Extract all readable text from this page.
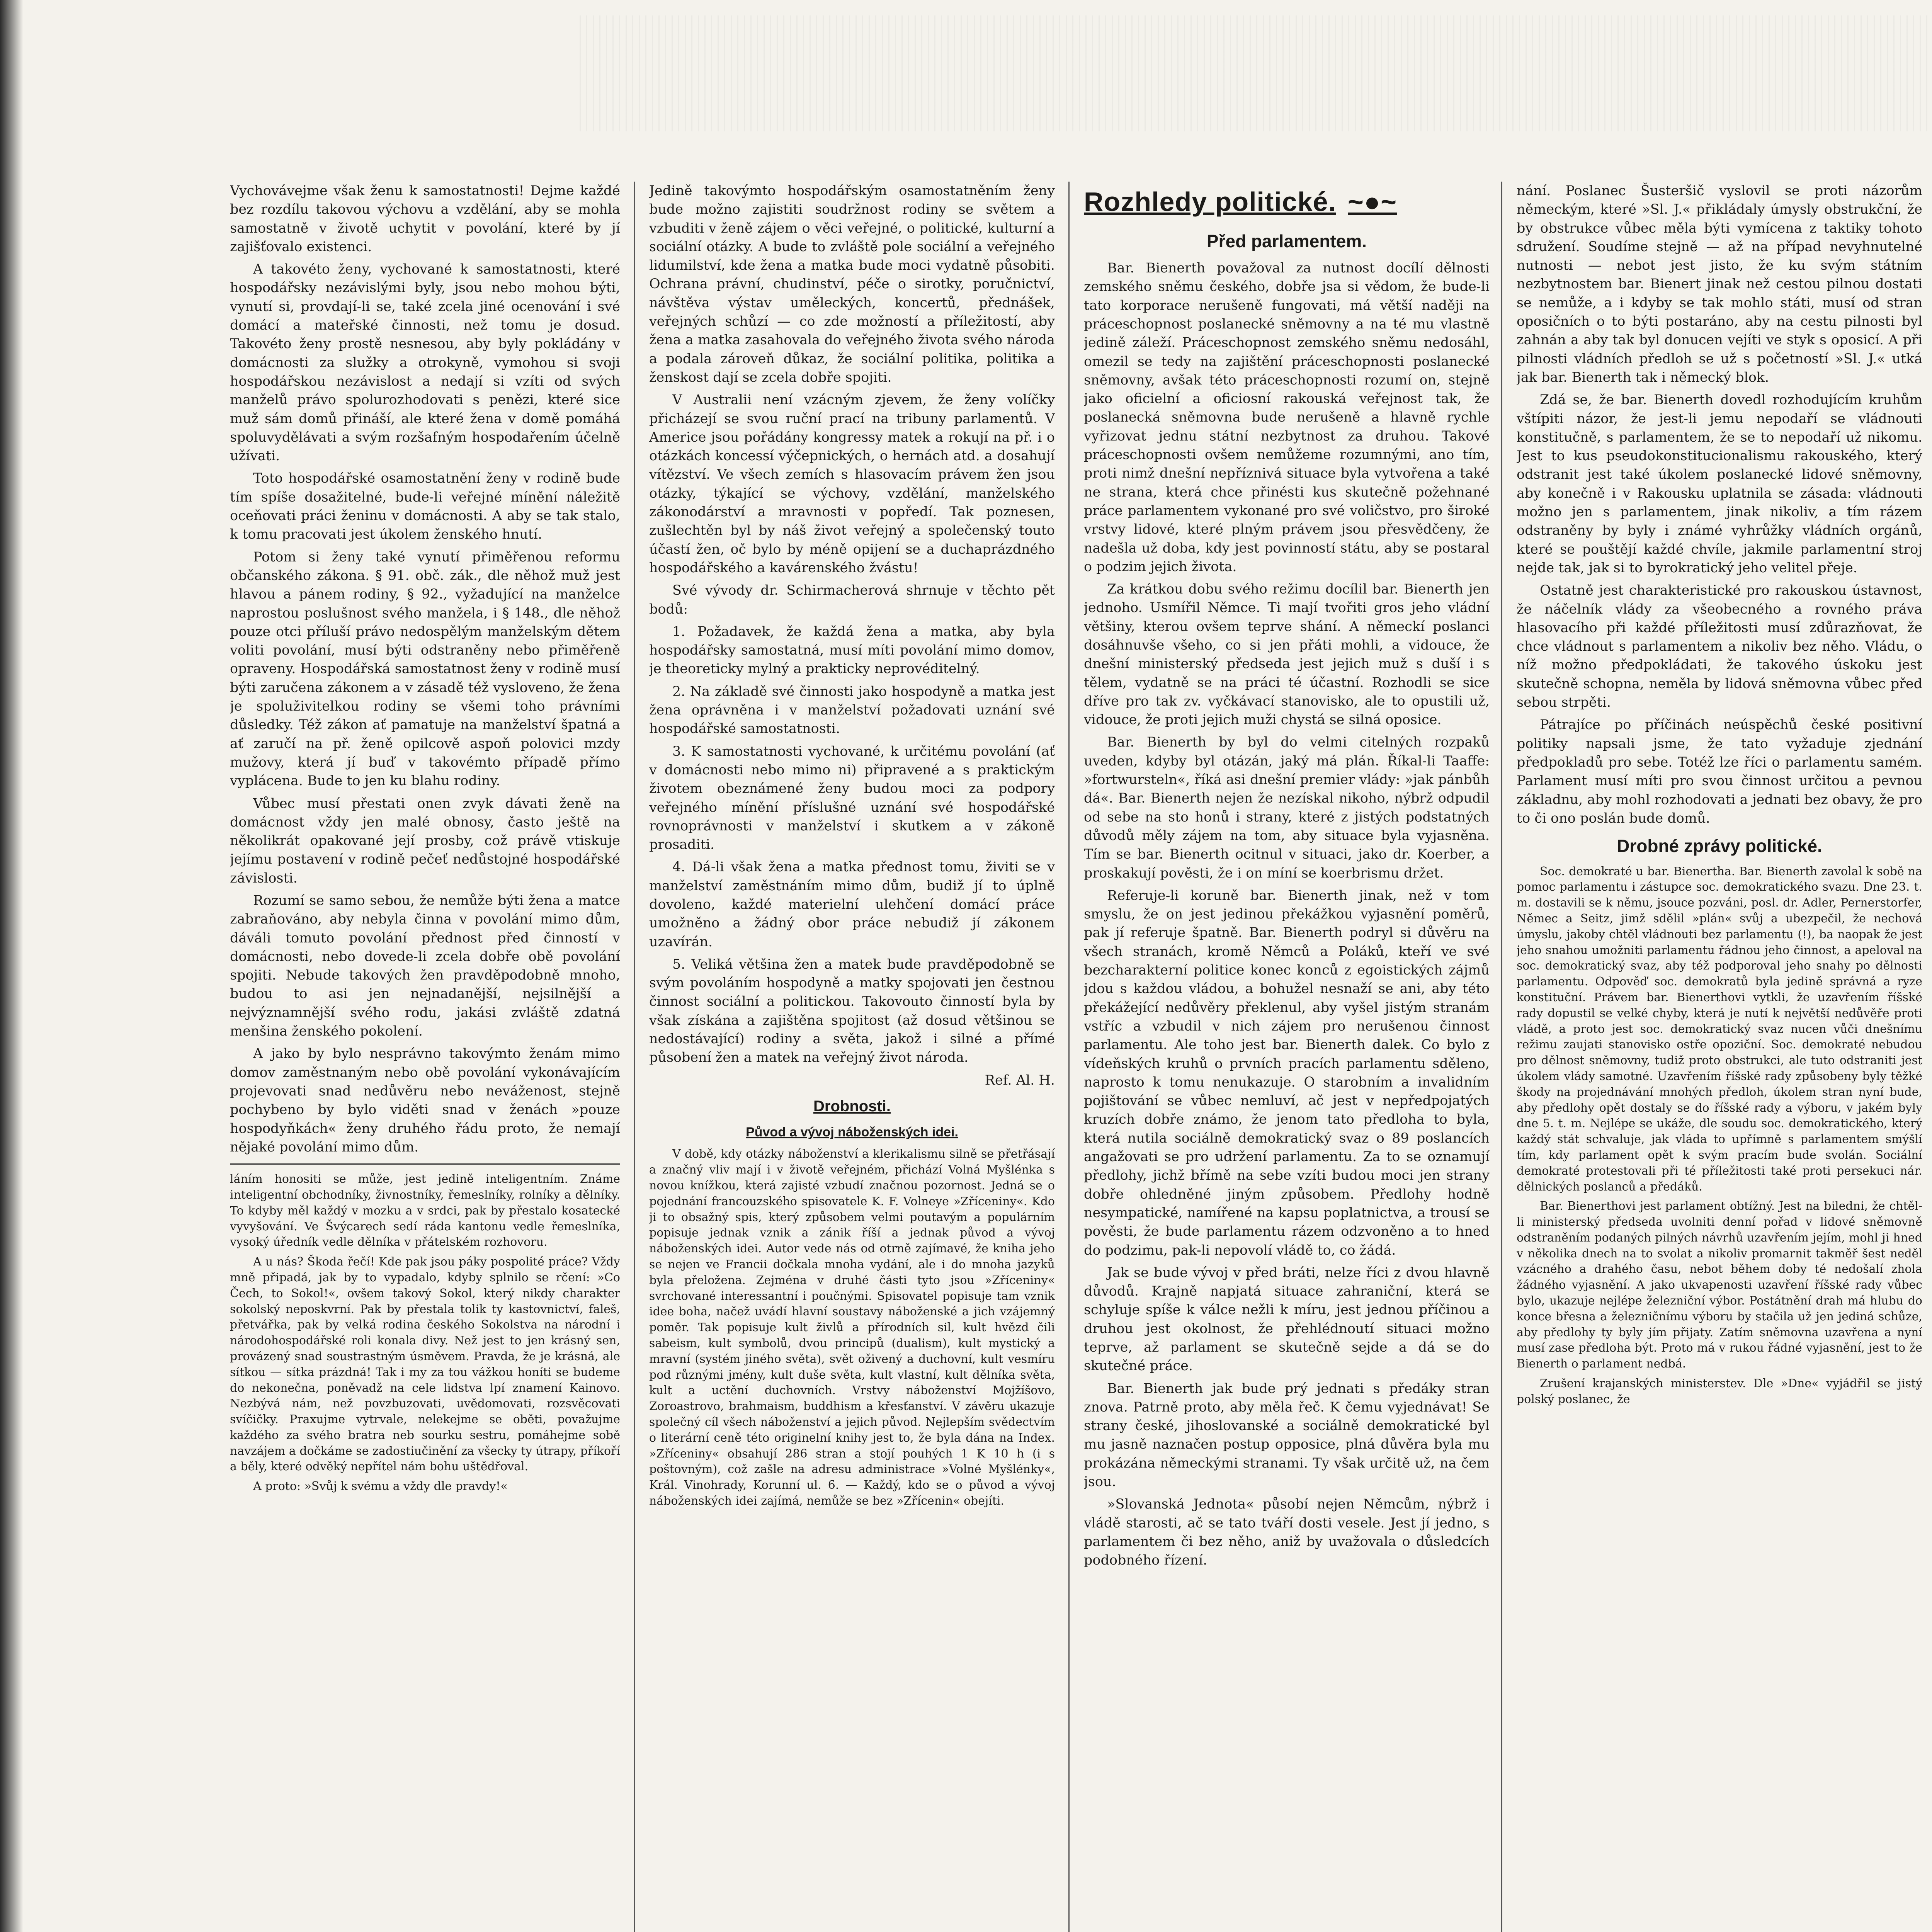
Vychovávejme však ženu k samostatnosti! Dejme každé bez rozdílu takovou výchovu a vzdělání, aby se mohla samostatně v životě uchytit v povolání, které by jí zajišťovalo existenci.

A takovéto ženy, vychované k samostatnosti, které hospodářsky nezávislými byly, jsou nebo mohou býti, vynutí si, provdají-li se, také zcela jiné ocenování i své domácí a mateřské činnosti, než tomu je dosud. Takovéto ženy prostě nesnesou, aby byly pokládány v domácnosti za služky a otrokyně, vymohou si svoji hospodářskou nezávislost a nedají si vzíti od svých manželů právo spolurozhodovati s penězi, které sice muž sám domů přináší, ale které žena v domě pomáhá spoluvydělávati a svým rozšafným hospodařením účelně užívati.

Toto hospodářské osamostatnění ženy v rodině bude tím spíše dosažitelné, bude-li veřejné mínění náležitě oceňovati práci ženinu v domácnosti. A aby se tak stalo, k tomu pracovati jest úkolem ženského hnutí.

Potom si ženy také vynutí přiměřenou reformu občanského zákona. § 91. obč. zák., dle něhož muž jest hlavou a pánem rodiny, § 92., vyžadující na manželce naprostou poslušnost svého manžela, i § 148., dle něhož pouze otci příluší právo nedospělým manželským dětem voliti povolání, musí býti odstraněny nebo přiměřeně opraveny. Hospodářská samostatnost ženy v rodině musí býti zaručena zákonem a v zásadě též vysloveno, že žena je spoluživitelkou rodiny se všemi toho právními důsledky. Též zákon ať pamatuje na manželství špatná a ať zaručí na př. ženě opilcově aspoň polovici mzdy mužovy, která jí buď v takovémto případě přímo vyplácena. Bude to jen ku blahu rodiny.

Vůbec musí přestati onen zvyk dávati ženě na domácnost vždy jen malé obnosy, často ještě na několikrát opakované její prosby, což právě vtiskuje jejímu postavení v rodině pečeť nedůstojné hospodářské závislosti.

Rozumí se samo sebou, že nemůže býti žena a matce zabraňováno, aby nebyla činna v povolání mimo dům, dáváli tomuto povolání přednost před činností v domácnosti, nebo dovede-li zcela dobře obě povolání spojiti. Nebude takových žen pravděpodobně mnoho, budou to asi jen nejnadanější, nejsilnější a nejvýznamnější svého rodu, jakási zvláště zdatná menšina ženského pokolení.

A jako by bylo nesprávno takovýmto ženám mimo domov zaměstnaným nebo obě povolání vykonávajícím projevovati snad nedůvěru nebo neváženost, stejně pochybeno by bylo viděti snad v ženách »pouze hospodyňkách« ženy druhého řádu proto, že nemají nějaké povolání mimo dům.

láním honositi se může, jest jedině inteligentním. Známe inteligentní obchodníky, živnostníky, řemeslníky, rolníky a dělníky. To kdyby měl každý v mozku a v srdci, pak by přestalo kosatecké vyvyšování. Ve Švýcarech sedí ráda kantonu vedle řemeslníka, vysoký úředník vedle dělníka v přátelském rozhovoru.

A u nás? Škoda řečí! Kde pak jsou páky pospolité práce? Vždy mně připadá, jak by to vypadalo, kdyby splnilo se rčení: »Co Čech, to Sokol!«, ovšem takový Sokol, který nikdy charakter sokolský neposkvrní. Pak by přestala tolik ty kastovnictví, faleš, přetvářka, pak by velká rodina českého Sokolstva na národní i národohospodářské roli konala divy. Než jest to jen krásný sen, provázený snad soustrastným úsměvem. Pravda, že je krásná, ale sítkou — sítka prázdná! Tak i my za tou vážkou honíti se budeme do nekonečna, poněvadž na cele lidstva lpí znamení Kainovo. Nezbývá nám, než povzbuzovati, uvědomovati, rozsvěcovati svíčičky. Praxujme vytrvale, nelekejme se oběti, považujme každého za svého bratra neb sourku sestru, pomáhejme sobě navzájem a dočkáme se zadostiučinění za všecky ty útrapy, příkoří a běly, které odvěký nepřítel nám bohu uštědřoval.

A proto: »Svůj k svému a vždy dle pravdy!«

Jedině takovýmto hospodářským osamostatněním ženy bude možno zajistiti soudržnost rodiny se světem a vzbuditi v ženě zájem o věci veřejné, o politické, kulturní a sociální otázky. A bude to zvláště pole sociální a veřejného lidumilství, kde žena a matka bude moci vydatně působiti. Ochrana právní, chudinství, péče o sirotky, poručnictví, návštěva výstav uměleckých, koncertů, přednášek, veřejných schůzí — co zde možností a příležitostí, aby žena a matka zasahovala do veřejného života svého národa a podala zároveň důkaz, že sociální politika, politika a ženskost dají se zcela dobře spojiti.

V Australii není vzácným zjevem, že ženy volíčky přicházejí se svou ruční prací na tribuny parlamentů. V Americe jsou pořádány kongressy matek a rokují na př. i o otázkách koncessí výčepnických, o hernách atd. a dosahují vítězství. Ve všech zemích s hlasovacím právem žen jsou otázky, týkající se výchovy, vzdělání, manželského zákonodárství a mravnosti v popředí. Tak poznesen, zušlechtěn byl by náš život veřejný a společenský touto účastí žen, oč bylo by méně opijení se a duchaprázdného hospodářského a kavárenského žvástu!

Své vývody dr. Schirmacherová shrnuje v těchto pět bodů:

1. Požadavek, že každá žena a matka, aby byla hospodářsky samostatná, musí míti povolání mimo domov, je theoreticky mylný a prakticky neprovéditelný.

2. Na základě své činnosti jako hospodyně a matka jest žena oprávněna i v manželství požadovati uznání své hospodářské samostatnosti.

3. K samostatnosti vychované, k určitému povolání (ať v domácnosti nebo mimo ni) připravené a s praktickým životem obeznámené ženy budou moci za podpory veřejného mínění příslušné uznání své hospodářské rovnoprávnosti v manželství i skutkem a v zákoně prosaditi.

4. Dá-li však žena a matka přednost tomu, živiti se v manželství zaměstnáním mimo dům, budiž jí to úplně dovoleno, každé materielní ulehčení domácí práce umožněno a žádný obor práce nebudiž jí zákonem uzavírán.

5. Veliká většina žen a matek bude pravděpodobně se svým povoláním hospodyně a matky spojovati jen čestnou činnost sociální a politickou. Takovouto činností byla by však získána a zajištěna spojitost (až dosud většinou se nedostávající) rodiny a světa, jakož i silné a přímé působení žen a matek na veřejný život národa.

Ref. Al. H.
Drobnosti.
Původ a vývoj náboženských idei.

V době, kdy otázky náboženství a klerikalismu silně se přetřásají a značný vliv mají i v životě veřejném, přichází Volná Myšlénka s novou knížkou, která zajisté vzbudí značnou pozornost. Jedná se o pojednání francouzského spisovatele K. F. Volneye »Zříceniny«. Kdo ji to obsažný spis, který způsobem velmi poutavým a populárním popisuje jednak vznik a zánik říší a jednak původ a vývoj náboženských idei. Autor vede nás od otrně zajímavé, že kniha jeho se nejen ve Francii dočkala mnoha vydání, ale i do mnoha jazyků byla přeložena. Zejména v druhé části tyto jsou »Zříceniny« svrchované interessantní i poučnými. Spisovatel popisuje tam vznik idee boha, načež uvádí hlavní soustavy náboženské a jich vzájemný poměr. Tak popisuje kult živlů a přírodních sil, kult hvězd čili sabeism, kult symbolů, dvou principů (dualism), kult mystický a mravní (systém jiného světa), svět oživený a duchovní, kult vesmíru pod různými jmény, kult duše světa, kult vlastní, kult dělníka světa, kult a uctění duchovních. Vrstvy náboženství Mojžíšovo, Zoroastrovo, brahmaism, buddhism a křesťanství. V závěru ukazuje společný cíl všech náboženství a jejich původ. Nejlepším svědectvím o literární ceně této originelní knihy jest to, že byla dána na Index. »Zříceniny« obsahují 286 stran a stojí pouhých 1 K 10 h (i s poštovným), což zašle na adresu administrace »Volné Myšlénky«, Král. Vinohrady, Korunní ul. 6. — Každý, kdo se o původ a vývoj náboženských idei zajímá, nemůže se bez »Zřícenin« obejíti.

Rozhledy politické. ~●~
Před parlamentem.

Bar. Bienerth považoval za nutnost docílí dělnosti zemského sněmu českého, dobře jsa si vědom, že bude-li tato korporace nerušeně fungovati, má větší naději na práceschopnost poslanecké sněmovny a na té mu vlastně jedině záleží. Práceschopnost zemského sněmu nedosáhl, omezil se tedy na zajištění práceschopnosti poslanecké sněmovny, avšak této práceschopnosti rozumí on, stejně jako oficielní a oficiosní rakouská veřejnost tak, že poslanecká sněmovna bude nerušeně a hlavně rychle vyřizovat jednu státní nezbytnost za druhou. Takové práceschopnosti ovšem nemůžeme rozumnými, ano tím, proti nimž dnešní nepříznivá situace byla vytvořena a také ne strana, která chce přinésti kus skutečně požehnané práce parlamentem vykonané pro své voličstvo, pro široké vrstvy lidové, které plným právem jsou přesvědčeny, že nadešla už doba, kdy jest povinností státu, aby se postaral o podzim jejich života.

Za krátkou dobu svého režimu docílil bar. Bienerth jen jednoho. Usmířil Němce. Ti mají tvořiti gros jeho vládní většiny, kterou ovšem teprve shání. A německí poslanci dosáhnuvše všeho, co si jen přáti mohli, a vidouce, že dnešní ministerský předseda jest jejich muž s duší i s tělem, vydatně se na práci té účastní. Rozhodli se sice dříve pro tak zv. vyčkávací stanovisko, ale to opustili už, vidouce, že proti jejich muži chystá se silná oposice.

Bar. Bienerth by byl do velmi citelných rozpaků uveden, kdyby byl otázán, jaký má plán. Říkal-li Taaffe: »fortwursteln«, říká asi dnešní premier vlády: »jak pánbůh dá«. Bar. Bienerth nejen že nezískal nikoho, nýbrž odpudil od sebe na sto honů i strany, které z jistých podstatných důvodů měly zájem na tom, aby situace byla vyjasněna. Tím se bar. Bienerth ocitnul v situaci, jako dr. Koerber, a proskakují pověsti, že i on míní se koerbrismu držet.

Referuje-li koruně bar. Bienerth jinak, než v tom smyslu, že on jest jedinou překážkou vyjasnění poměrů, pak jí referuje špatně. Bar. Bienerth podryl si důvěru na všech stranách, kromě Němců a Poláků, kteří ve své bezcharakterní politice konec konců z egoistických zájmů jdou s každou vládou, a bohužel nesnaží se ani, aby této překážející nedůvěry překlenul, aby vyšel jistým stranám vstříc a vzbudil v nich zájem pro nerušenou činnost parlamentu. Ale toho jest bar. Bienerth dalek. Co bylo z vídeňských kruhů o prvních pracích parlamentu sděleno, naprosto k tomu nenukazuje. O starobním a invalidním pojištování se vůbec nemluví, ač jest v nepředpojatých kruzích dobře známo, že jenom tato předloha to byla, která nutila sociálně demokratický svaz o 89 poslancích angažovati se pro udržení parlamentu. Za to se oznamují předlohy, jichž břímě na sebe vzíti budou moci jen strany dobře ohledněné jiným způsobem. Předlohy hodně nesympatické, namířené na kapsu poplatnictva, a trousí se pověsti, že bude parlamentu rázem odzvoněno a to hned do podzimu, pak-li nepovolí vládě to, co žádá.

Jak se bude vývoj v před bráti, nelze říci z dvou hlavně důvodů. Krajně napjatá situace zahraniční, která se schyluje spíše k válce nežli k míru, jest jednou příčinou a druhou jest okolnost, že přehlédnoutí situaci možno teprve, až parlament se skutečně sejde a dá se do skutečné práce.

Bar. Bienerth jak bude prý jednati s předáky stran znova. Patrně proto, aby měla řeč. K čemu vyjednávat! Se strany české, jihoslovanské a sociálně demokratické byl mu jasně naznačen postup opposice, plná důvěra byla mu prokázána německými stranami. Ty však určitě už, na čem jsou.

»Slovanská Jednota« působí nejen Němcům, nýbrž i vládě starosti, ač se tato tváří dosti vesele. Jest jí jedno, s parlamentem či bez něho, aniž by uvažovala o důsledcích podobného řízení.

nání. Poslanec Šusteršič vyslovil se proti názorům německým, které »Sl. J.« přikládaly úmysly obstrukční, že by obstrukce vůbec měla býti vymícena z taktiky tohoto sdružení. Soudíme stejně — až na případ nevyhnutelné nutnosti — nebot jest jisto, že ku svým státním nezbytnostem bar. Bienert jinak než cestou pilnou dostati se nemůže, a i kdyby se tak mohlo státi, musí od stran oposičních o to býti postaráno, aby na cestu pilnosti byl zahnán a aby tak byl donucen vejíti ve styk s oposicí. A při pilnosti vládních předloh se už s početností »Sl. J.« utká jak bar. Bienerth tak i německý blok.

Zdá se, že bar. Bienerth dovedl rozhodujícím kruhům vštípiti názor, že jest-li jemu nepodaří se vládnouti konstitučně, s parlamentem, že se to nepodaří už nikomu. Jest to kus pseudokonstitucionalismu rakouského, který odstranit jest také úkolem poslanecké lidové sněmovny, aby konečně i v Rakousku uplatnila se zásada: vládnouti možno jen s parlamentem, jinak nikoliv, a tím rázem odstraněny by byly i známé vyhrůžky vládních orgánů, které se pouštějí každé chvíle, jakmile parlamentní stroj nejde tak, jak si to byrokratický jeho velitel přeje.

Ostatně jest charakteristické pro rakouskou ústavnost, že náčelník vlády za všeobecného a rovného práva hlasovacího při každé příležitosti musí zdůrazňovat, že chce vládnout s parlamentem a nikoliv bez něho. Vládu, o níž možno předpokládati, že takového úskoku jest skutečně schopna, neměla by lidová sněmovna vůbec před sebou strpěti.

Pátrajíce po příčinách neúspěchů české positivní politiky napsali jsme, že tato vyžaduje zjednání předpokladů pro sebe. Totéž lze říci o parlamentu samém. Parlament musí míti pro svou činnost určitou a pevnou základnu, aby mohl rozhodovati a jednati bez obavy, že pro to či ono poslán bude domů.

Drobné zprávy politické.

Soc. demokraté u bar. Bienertha. Bar. Bienerth zavolal k sobě na pomoc parlamentu i zástupce soc. demokratického svazu. Dne 23. t. m. dostavili se k němu, jsouce pozváni, posl. dr. Adler, Pernerstorfer, Němec a Seitz, jimž sdělil »plán« svůj a ubezpečil, že nechová úmyslu, jakoby chtěl vládnouti bez parlamentu (!), ba naopak že jest jeho snahou umožniti parlamentu řádnou jeho činnost, a apeloval na soc. demokratický svaz, aby též podporoval jeho snahy po dělnosti parlamentu. Odpověď soc. demokratů byla jedině správná a ryze konstituční. Právem bar. Bienerthovi vytkli, že uzavřením říšské rady dopustil se velké chyby, která je nutí k největší nedůvěře proti vládě, a proto jest soc. demokratický svaz nucen vůči dnešnímu režimu zaujati stanovisko ostře opoziční. Soc. demokraté nebudou pro dělnost sněmovny, tudiž proto obstrukci, ale tuto odstraniti jest úkolem vlády samotné. Uzavřením říšské rady způsobeny byly těžké škody na projednávání mnohých předloh, úkolem stran nyní bude, aby předlohy opět dostaly se do říšské rady a výboru, v jakém byly dne 5. t. m. Nejlépe se ukáže, dle soudu soc. demokratického, který každý stát schvaluje, jak vláda to upřímně s parlamentem smýšlí tím, kdy parlament opět k svým pracím bude svolán. Sociální demokraté protestovali při té příležitosti také proti persekuci nár. dělnických poslanců a předáků.

Bar. Bienerthovi jest parlament obtížný. Jest na biledni, že chtěl-li ministerský předseda uvolniti denní pořad v lidové sněmovně odstraněním podaných pilných návrhů uzavřením jejím, mohl ji hned v několika dnech na to svolat a nikoliv promarnit takměř šest neděl vzácného a drahého času, nebot během doby té nedošalí zhola žádného vyjasnění. A jako ukvapenosti uzavření říšské rady vůbec bylo, ukazuje nejlépe železniční výbor. Postátnění drah má hlubu do konce břesna a železničnímu výboru by stačila už jen jediná schůze, aby předlohy ty byly jím přijaty. Zatím sněmovna uzavřena a nyní musí zase předloha být. Proto má v rukou řádné vyjasnění, jest to že Bienerth o parlament nedbá.

Zrušení krajanských ministerstev. Dle »Dne« vyjádřil se jistý polský poslanec, že
